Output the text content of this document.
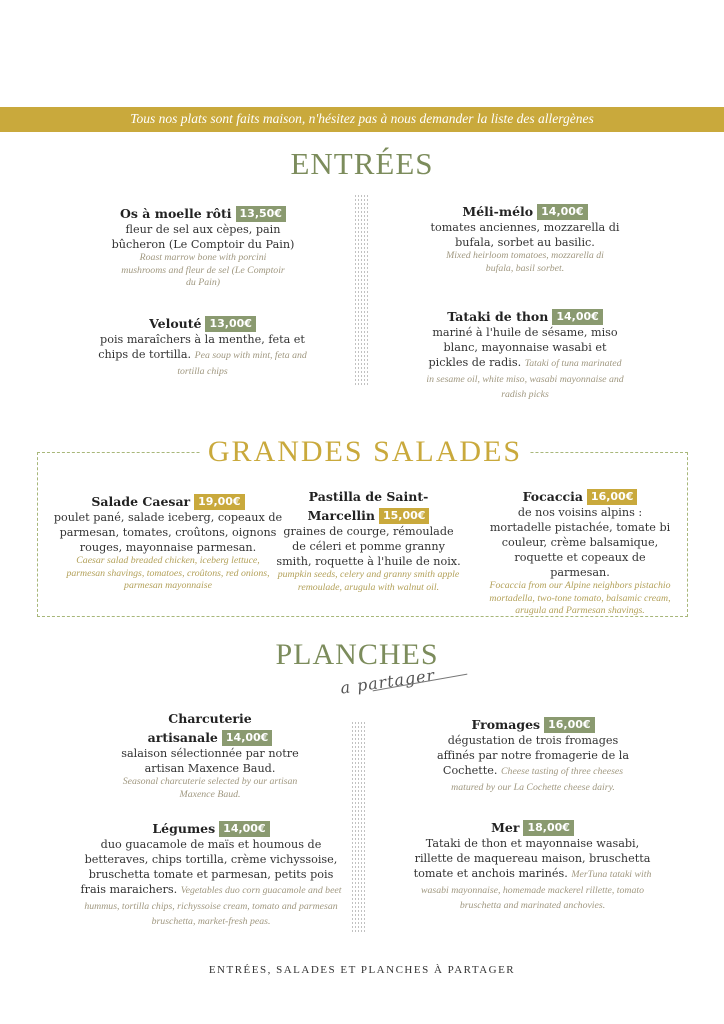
Tous nos plats sont faits maison, n'hésitez pas à nous demander la liste des allergènes
ENTRÉES
Os à moelle rôti 13,50€
fleur de sel aux cèpes, pain bûcheron (Le Comptoir du Pain)
Roast marrow bone with porcini mushrooms and fleur de sel (Le Comptoir du Pain)
Méli-mélo 14,00€
tomates anciennes, mozzarella di bufala, sorbet au basilic.
Mixed heirloom tomatoes, mozzarella di bufala, basil sorbet.
Velouté 13,00€
pois maraîchers à la menthe, feta et chips de tortilla. Pea soup with mint, feta and tortilla chips
Tataki de thon 14,00€
mariné à l'huile de sésame, miso blanc, mayonnaise wasabi et pickles de radis. Tataki of tuna marinated in sesame oil, white miso, wasabi mayonnaise and radish picks
GRANDES SALADES
Salade Caesar 19,00€
poulet pané, salade iceberg, copeaux de parmesan, tomates, croûtons, oignons rouges, mayonnaise parmesan.
Caesar salad breaded chicken, iceberg lettuce, parmesan shavings, tomatoes, croûtons, red onions, parmesan mayonnaise
Pastilla de Saint-Marcellin 15,00€
graines de courge, rémoulade de céleri et pomme granny smith, roquette à l'huile de noix.
pumpkin seeds, celery and granny smith apple remoulade, arugula with walnut oil.
Focaccia 16,00€
de nos voisins alpins : mortadelle pistachée, tomate bi couleur, crème balsamique, roquette et copeaux de parmesan.
Focaccia from our Alpine neighbors pistachio mortadella, two-tone tomato, balsamic cream, arugula and Parmesan shavings.
PLANCHES
a partager
Charcuterie artisanale 14,00€
salaison sélectionnée par notre artisan Maxence Baud.
Seasonal charcuterie selected by our artisan Maxence Baud.
Fromages 16,00€
dégustation de trois fromages affinés par notre fromagerie de la Cochette. Cheese tasting of three cheeses matured by our La Cochette cheese dairy.
Légumes 14,00€
duo guacamole de maïs et houmous de betteraves, chips tortilla, crème vichyssoise, bruschetta tomate et parmesan, petits pois frais maraichers. Vegetables duo corn guacamole and beet hummus, tortilla chips, richyssoise cream, tomato and parmesan bruschetta, market-fresh peas.
Mer 18,00€
Tataki de thon et mayonnaise wasabi, rillette de maquereau maison, bruschetta tomate et anchois marinés. MerTuna tataki with wasabi mayonnaise, homemade mackerel rillette, tomato bruschetta and marinated anchovies.
ENTRÉES, SALADES ET PLANCHES À PARTAGER
